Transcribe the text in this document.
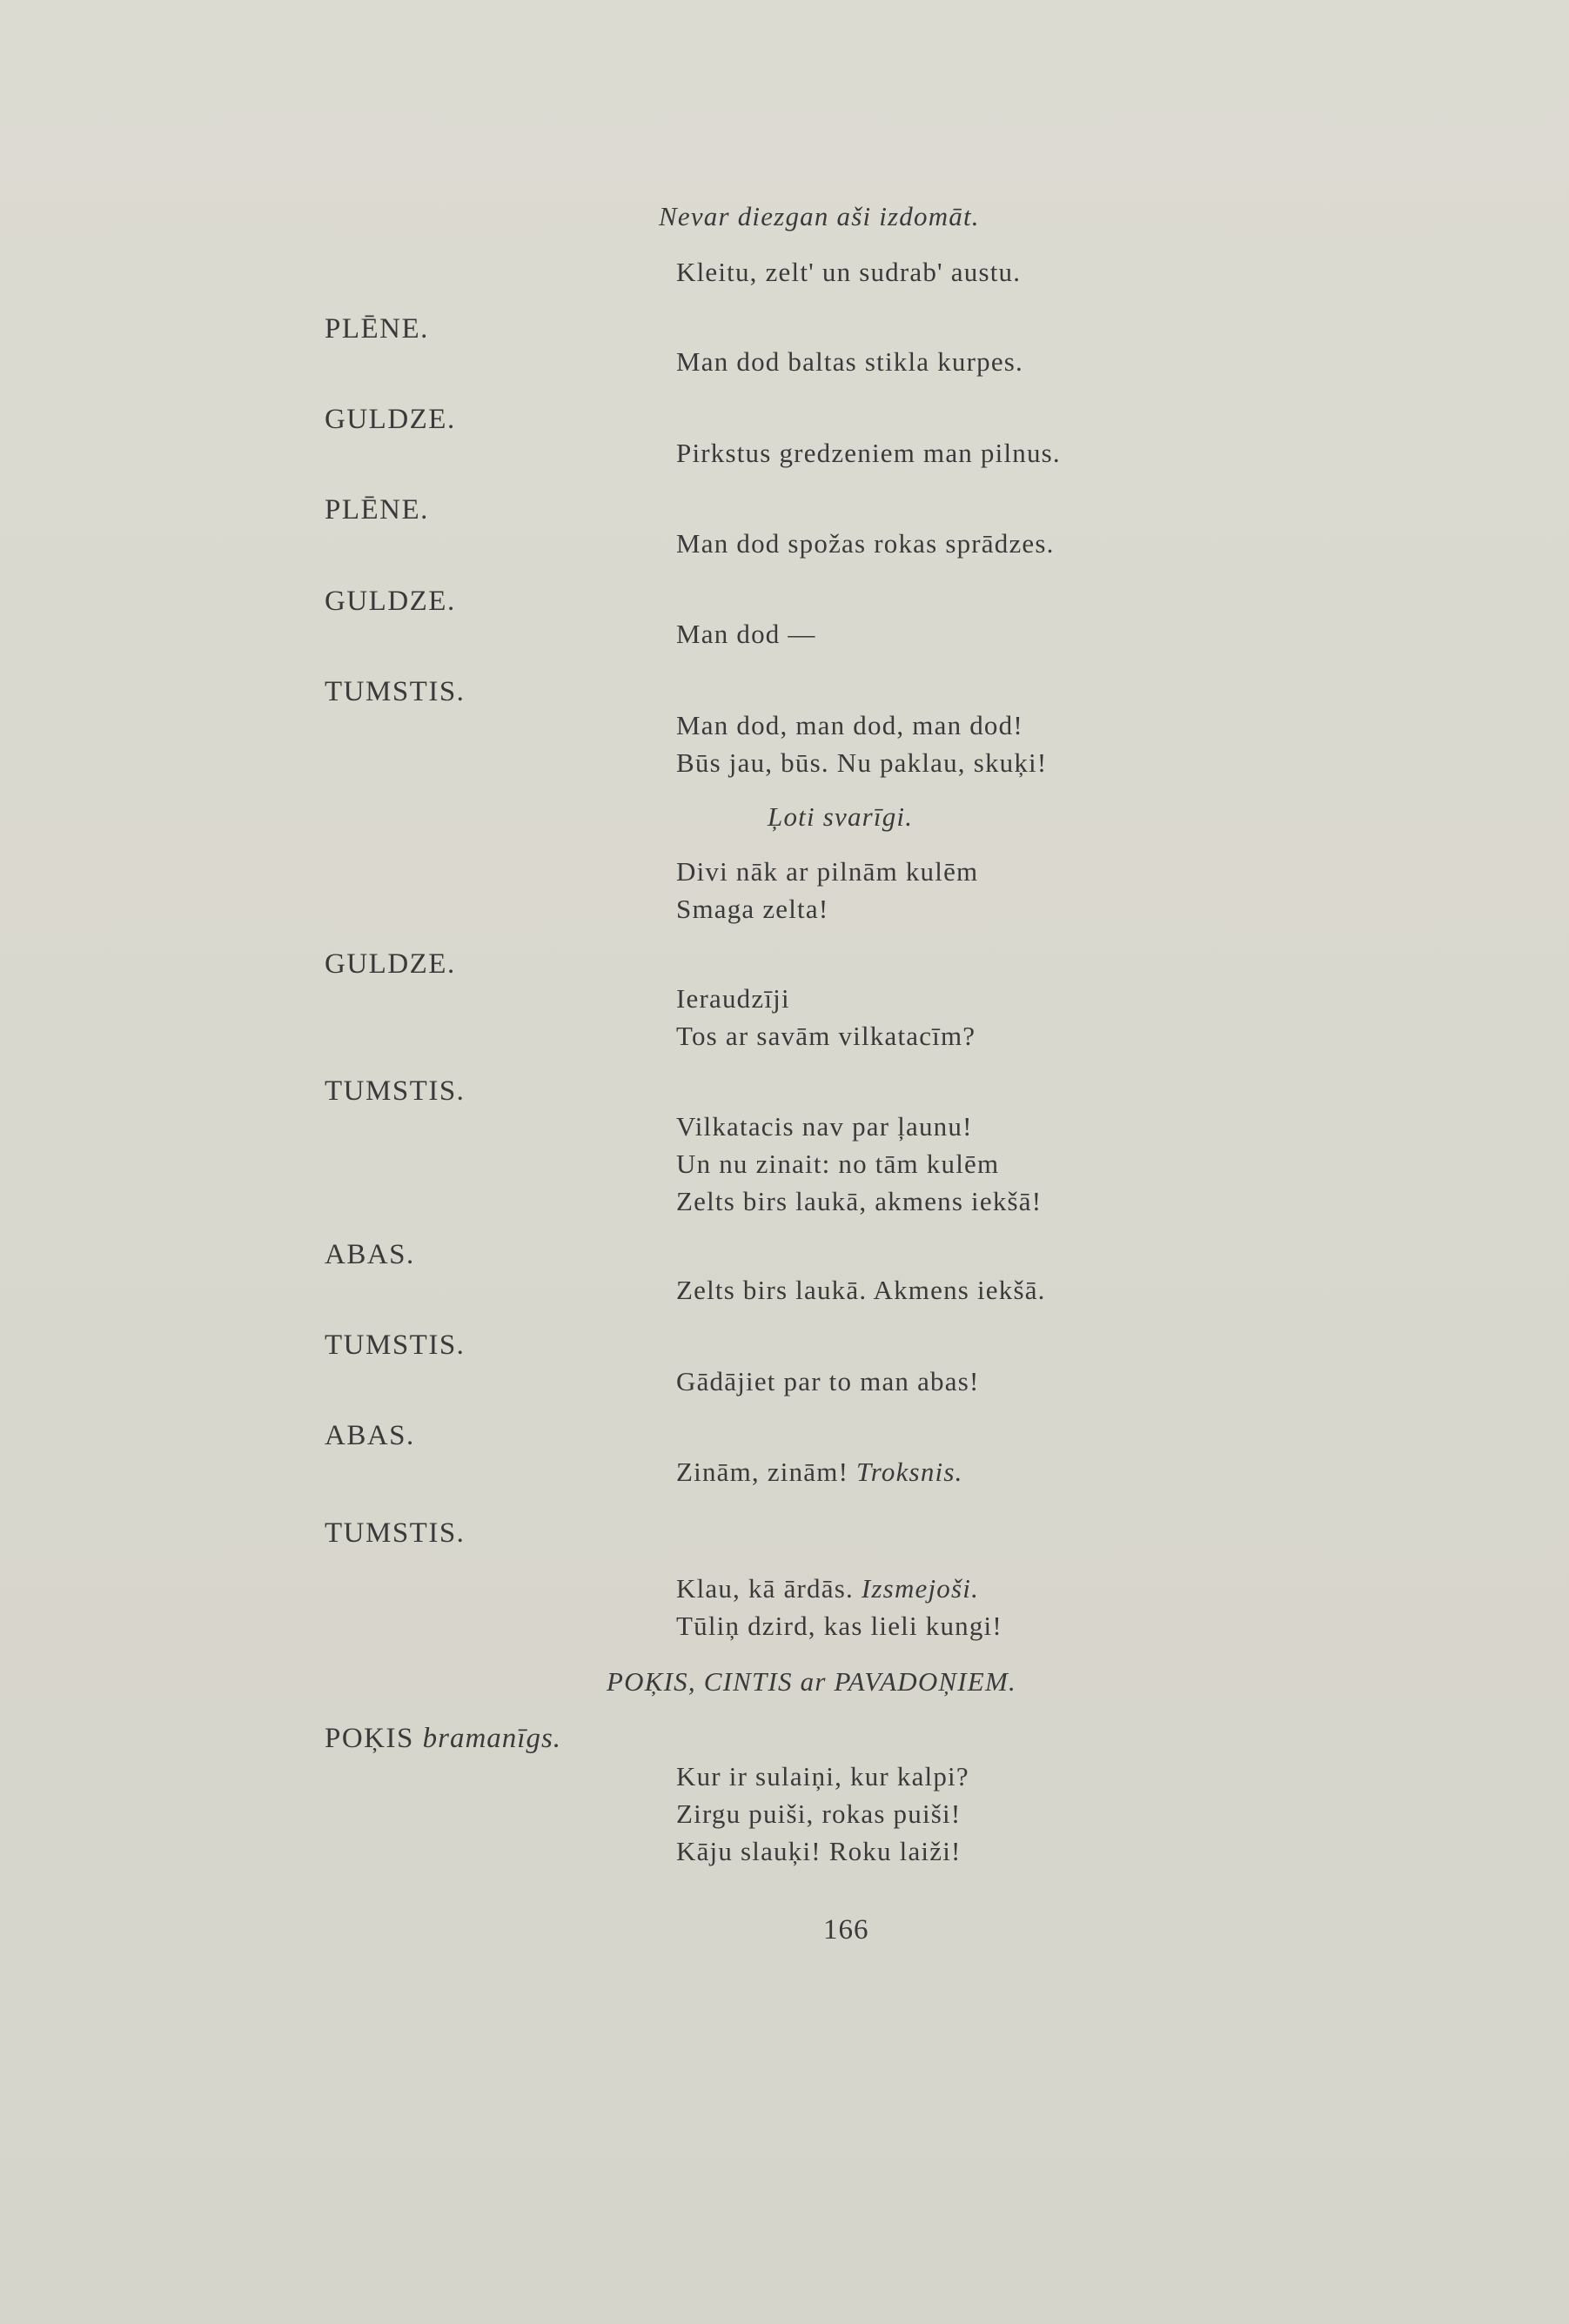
Nevar diezgan aši izdomāt.
Kleitu, zelt' un sudrab' austu.
PLĒNE.
Man dod baltas stikla kurpes.
GULDZE.
Pirkstus gredzeniem man pilnus.
PLĒNE.
Man dod spožas rokas sprādzes.
GULDZE.
Man dod —
TUMSTIS.
Man dod, man dod, man dod!
Būs jau, būs. Nu paklau, skuķi!
Ļoti svarīgi.
Divi nāk ar pilnām kulēm
Smaga zelta!
GULDZE.
Ieraudzīji
Tos ar savām vilkatacīm?
TUMSTIS.
Vilkatacis nav par ļaunu!
Un nu zinait: no tām kulēm
Zelts birs laukā, akmens iekšā!
ABAS.
Zelts birs laukā. Akmens iekšā.
TUMSTIS.
Gādājiet par to man abas!
ABAS.
Zinām, zinām! Troksnis.
TUMSTIS.
Klau, kā ārdās. Izsmejoši.
Tūliņ dzird, kas lieli kungi!
POĶIS, CINTIS ar PAVADOŅIEM.
POĶIS bramanīgs.
Kur ir sulaiņi, kur kalpi?
Zirgu puiši, rokas puiši!
Kāju slauķi! Roku laiži!
166
